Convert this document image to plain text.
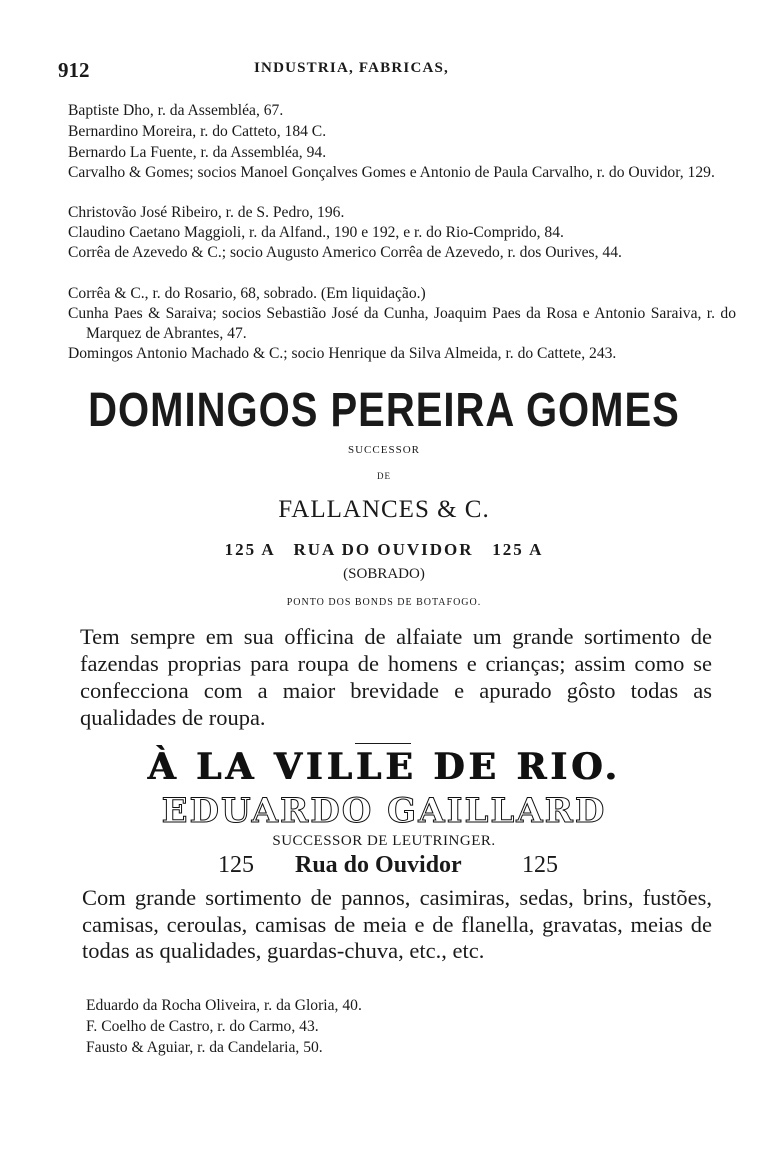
912	INDUSTRIA, FABRICAS,
Baptiste Dho, r. da Assembléa, 67.
Bernardino Moreira, r. do Catteto, 184 C.
Bernardo La Fuente, r. da Assembléa, 94.
Carvalho & Gomes; socios Manoel Gonçalves Gomes e Antonio de Paula Carvalho, r. do Ouvidor, 129.
Christovão José Ribeiro, r. de S. Pedro, 196.
Claudino Caetano Maggioli, r. da Alfand., 190 e 192, e r. do Rio-Comprido, 84.
Corrêa de Azevedo & C.; socio Augusto Americo Corrêa de Azevedo, r. dos Ourives, 44.
Corrêa & C., r. do Rosario, 68, sobrado. (Em liquidação.)
Cunha Paes & Saraiva; socios Sebastião José da Cunha, Joaquim Paes da Rosa e Antonio Saraiva, r. do Marquez de Abrantes, 47.
Domingos Antonio Machado & C.; socio Henrique da Silva Almeida, r. do Cattete, 243.
DOMINGOS PEREIRA GOMES
SUCCESSOR
DE
FALLANCES & C.
125 A   RUA DO OUVIDOR   125 A
(SOBRADO)
PONTO DOS BONDS DE BOTAFOGO.
Tem sempre em sua officina de alfaiate um grande sortimento de fazendas proprias para roupa de homens e crianças; assim como se confecciona com a maior brevidade e apurado gôsto todas as qualidades de roupa.
À LA VILLE DE RIO.
EDUARDO GAILLARD
SUCCESSOR DE LEUTRINGER.
125 Rua do Ouvidor	125
Com grande sortimento de pannos, casimiras, sedas, brins, fustões, camisas, ceroulas, camisas de meia e de flanella, gravatas, meias de todas as qualidades, guardas-chuva, etc., etc.
Eduardo da Rocha Oliveira, r. da Gloria, 40.
F. Coelho de Castro, r. do Carmo, 43.
Fausto & Aguiar, r. da Candelaria, 50.
